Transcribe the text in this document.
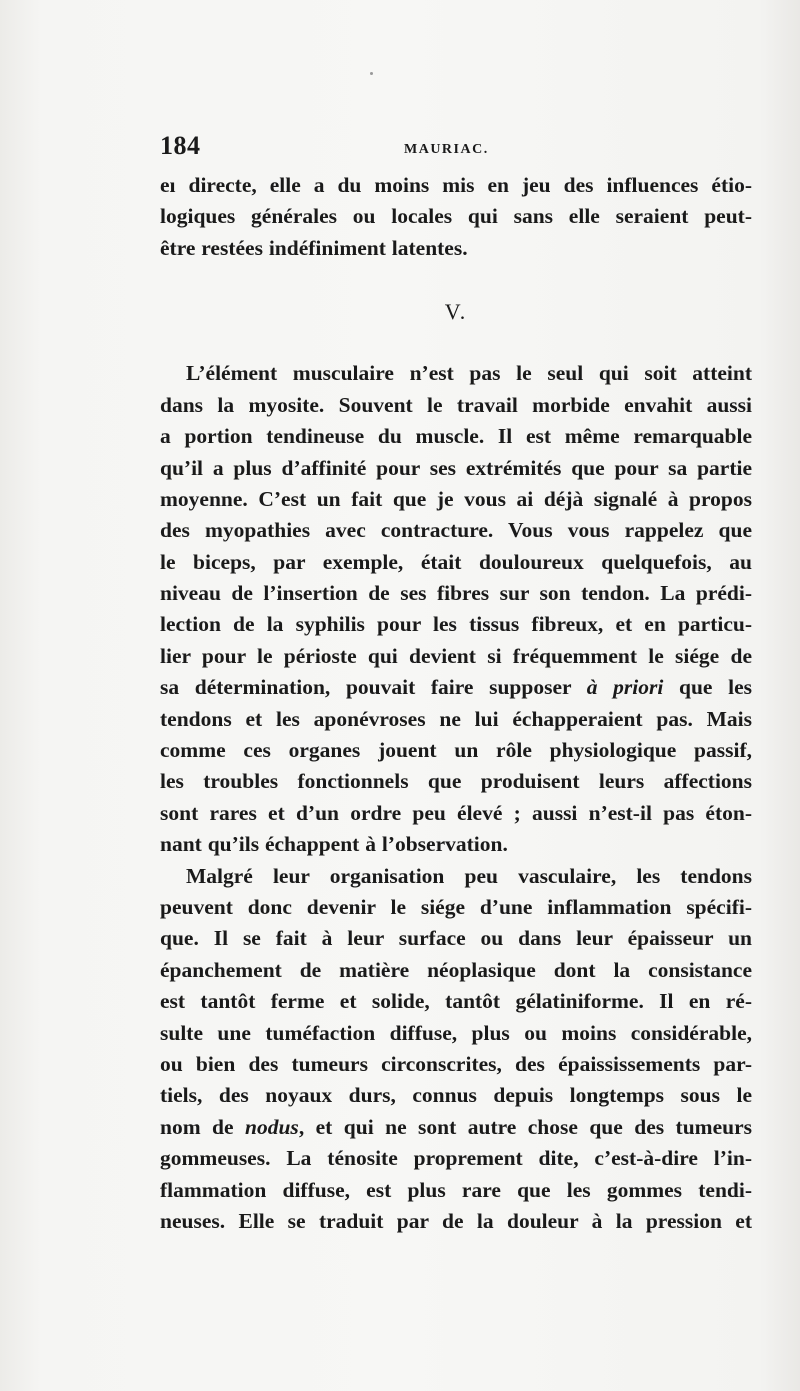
184	MAURIAC.
eı directe, elle a du moins mis en jeu des influences étio-
logiques générales ou locales qui sans elle seraient peut-
être restées indéfiniment latentes.
V.
L’élément musculaire n’est pas le seul qui soit atteint
dans la myosite. Souvent le travail morbide envahit aussi
a portion tendineuse du muscle. Il est même remarquable
qu’il a plus d’affinité pour ses extrémités que pour sa partie
moyenne. C’est un fait que je vous ai déjà signalé à propos
des myopathies avec contracture. Vous vous rappelez que
le biceps, par exemple, était douloureux quelquefois, au
niveau de l’insertion de ses fibres sur son tendon. La prédi-
lection de la syphilis pour les tissus fibreux, et en particu-
lier pour le périoste qui devient si fréquemment le siége de
sa détermination, pouvait faire supposer à priori que les
tendons et les aponévroses ne lui échapperaient pas. Mais
comme ces organes jouent un rôle physiologique passif,
les troubles fonctionnels que produisent leurs affections
sont rares et d’un ordre peu élevé ; aussi n’est-il pas éton-
nant qu’ils échappent à l’observation.
Malgré leur organisation peu vasculaire, les tendons
peuvent donc devenir le siége d’une inflammation spécifi-
que. Il se fait à leur surface ou dans leur épaisseur un
épanchement de matière néoplasique dont la consistance
est tantôt ferme et solide, tantôt gélatiniforme. Il en ré-
sulte une tuméfaction diffuse, plus ou moins considérable,
ou bien des tumeurs circonscrites, des épaississements par-
tiels, des noyaux durs, connus depuis longtemps sous le
nom de nodus, et qui ne sont autre chose que des tumeurs
gommeuses. La ténosite proprement dite, c’est-à-dire l’in-
flammation diffuse, est plus rare que les gommes tendi-
neuses. Elle se traduit par de la douleur à la pression et
